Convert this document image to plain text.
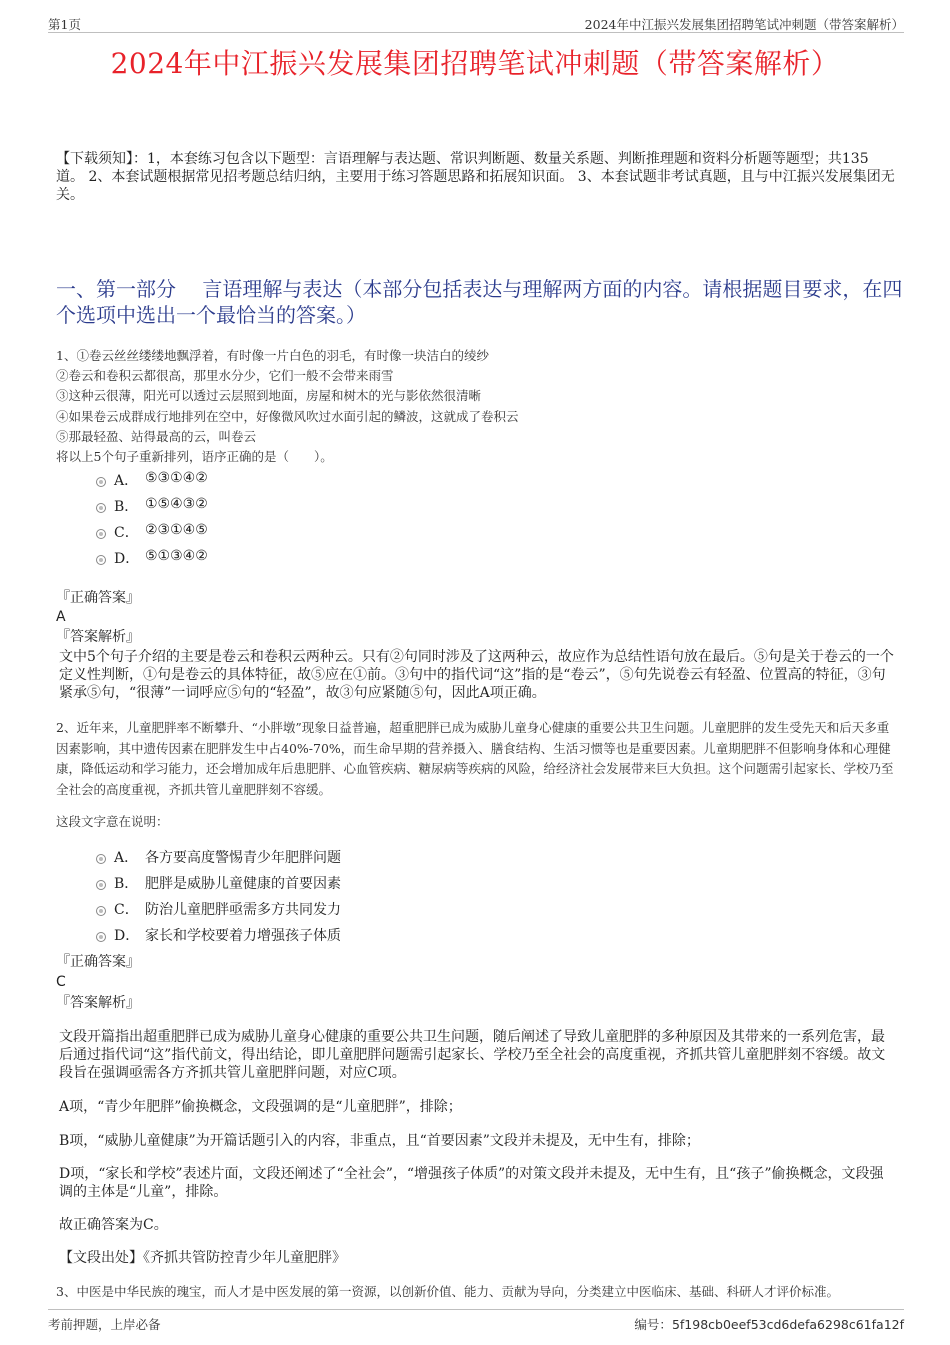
第1页	2024年中江振兴发展集团招聘笔试冲刺题（带答案解析）
2024年中江振兴发展集团招聘笔试冲刺题（带答案解析）
【下载须知】：1，本套练习包含以下题型：言语理解与表达题、常识判断题、数量关系题、判断推理题和资料分析题等题型；共135道。 2、本套试题根据常见招考题总结归纳，主要用于练习答题思路和拓展知识面。 3、本套试题非考试真题，且与中江振兴发展集团无关。
一、第一部分　 言语理解与表达（本部分包括表达与理解两方面的内容。请根据题目要求，在四个选项中选出一个最恰当的答案。）
1、①卷云丝丝缕缕地飘浮着，有时像一片白色的羽毛，有时像一块洁白的绫纱
②卷云和卷积云都很高，那里水分少，它们一般不会带来雨雪
③这种云很薄，阳光可以透过云层照到地面，房屋和树木的光与影依然很清晰
④如果卷云成群成行地排列在空中，好像微风吹过水面引起的鳞波，这就成了卷积云
⑤那最轻盈、站得最高的云，叫卷云
将以上5个句子重新排列，语序正确的是（　　）。
A． ⑤③①④②
B． ①⑤④③②
C． ②③①④⑤
D． ⑤①③④②
『正确答案』
A
『答案解析』
文中5个句子介绍的主要是卷云和卷积云两种云。只有②句同时涉及了这两种云，故应作为总结性语句放在最后。⑤句是关于卷云的一个定义性判断，①句是卷云的具体特征，故⑤应在①前。③句中的指代词“这”指的是“卷云”，⑤句先说卷云有轻盈、位置高的特征，③句紧承⑤句，“很薄”一词呼应⑤句的“轻盈”，故③句应紧随⑤句，因此A项正确。
2、近年来，儿童肥胖率不断攀升、“小胖墩”现象日益普遍，超重肥胖已成为威胁儿童身心健康的重要公共卫生问题。儿童肥胖的发生受先天和后天多重因素影响，其中遗传因素在肥胖发生中占40%-70%，而生命早期的营养摄入、膳食结构、生活习惯等也是重要因素。儿童期肥胖不但影响身体和心理健康，降低运动和学习能力，还会增加成年后患肥胖、心血管疾病、糖尿病等疾病的风险，给经济社会发展带来巨大负担。这个问题需引起家长、学校乃至全社会的高度重视，齐抓共管儿童肥胖刻不容缓。
这段文字意在说明：
A． 各方要高度警惕青少年肥胖问题
B． 肥胖是威胁儿童健康的首要因素
C． 防治儿童肥胖亟需多方共同发力
D． 家长和学校要着力增强孩子体质
『正确答案』
C
『答案解析』
文段开篇指出超重肥胖已成为威胁儿童身心健康的重要公共卫生问题，随后阐述了导致儿童肥胖的多种原因及其带来的一系列危害，最后通过指代词“这”指代前文，得出结论，即儿童肥胖问题需引起家长、学校乃至全社会的高度重视，齐抓共管儿童肥胖刻不容缓。故文段旨在强调亟需各方齐抓共管儿童肥胖问题，对应C项。
A项，“青少年肥胖”偷换概念，文段强调的是“儿童肥胖”，排除；
B项，“威胁儿童健康”为开篇话题引入的内容，非重点，且“首要因素”文段并未提及，无中生有，排除；
D项，“家长和学校”表述片面，文段还阐述了“全社会”，“增强孩子体质”的对策文段并未提及，无中生有，且“孩子”偷换概念，文段强调的主体是“儿童”，排除。
故正确答案为C。
【文段出处】《齐抓共管防控青少年儿童肥胖》
3、中医是中华民族的瑰宝，而人才是中医发展的第一资源，以创新价值、能力、贡献为导向，分类建立中医临床、基础、科研人才评价标准。
考前押题，上岸必备	编号：5f198cb0eef53cd6defa6298c61fa12f
